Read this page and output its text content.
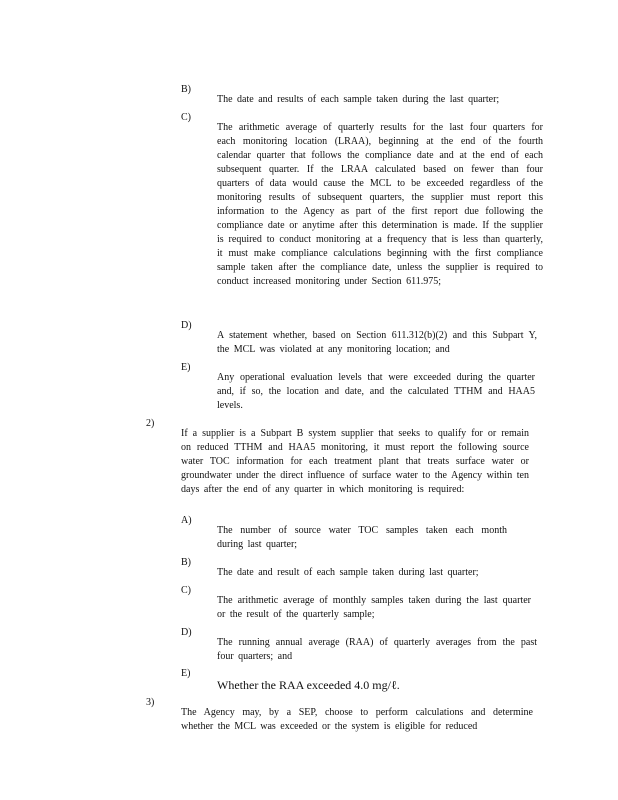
B)

The date and results of each sample taken during the last quarter;

C)

The arithmetic average of quarterly results for the last four quarters for each monitoring location (LRAA), beginning at the end of the fourth calendar quarter that follows the compliance date and at the end of each subsequent quarter. If the LRAA calculated based on fewer than four quarters of data would cause the MCL to be exceeded regardless of the monitoring results of subsequent quarters, the supplier must report this information to the Agency as part of the first report due following the compliance date or anytime after this determination is made. If the supplier is required to conduct monitoring at a frequency that is less than quarterly, it must make compliance calculations beginning with the first compliance sample taken after the compliance date, unless the supplier is required to conduct increased monitoring under Section 611.975;

D)

A statement whether, based on Section 611.312(b)(2) and this Subpart Y, the MCL was violated at any monitoring location; and

E)

Any operational evaluation levels that were exceeded during the quarter and, if so, the location and date, and the calculated TTHM and HAA5 levels.

2)

If a supplier is a Subpart B system supplier that seeks to qualify for or remain on reduced TTHM and HAA5 monitoring, it must report the following source water TOC information for each treatment plant that treats surface water or groundwater under the direct influence of surface water to the Agency within ten days after the end of any quarter in which monitoring is required:

A)

The number of source water TOC samples taken each month during last quarter;

B)

The date and result of each sample taken during last quarter;

C)

The arithmetic average of monthly samples taken during the last quarter or the result of the quarterly sample;

D)

The running annual average (RAA) of quarterly averages from the past four quarters; and

E)

Whether the RAA exceeded 4.0 mg/ℓ.

3)

The Agency may, by a SEP, choose to perform calculations and determine whether the MCL was exceeded or the system is eligible for reduced
